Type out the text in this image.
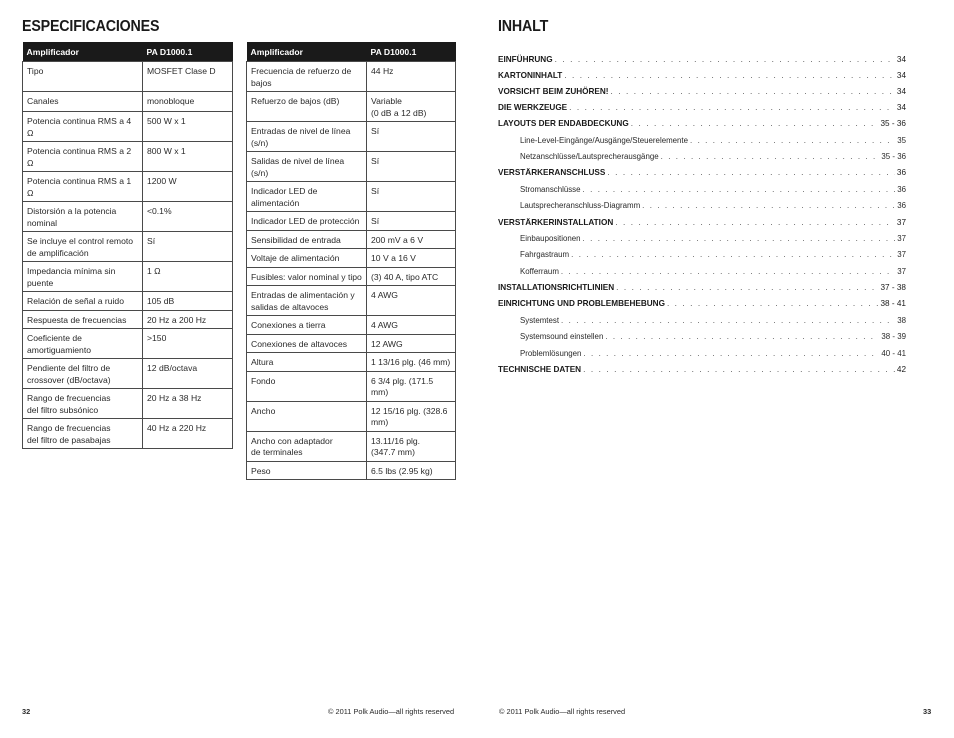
ESPECIFICACIONES
Amplificador	PA D1000.1
Tipo	MOSFET Clase D
Canales	monobloque
Potencia continua RMS a 4 Ω	500 W x 1
Potencia continua RMS a 2 Ω	800 W x 1
Potencia continua RMS a 1 Ω	1200 W
Distorsión a la potencia
nominal	<0.1%
Se incluye el control remoto
de amplificación	Sí
Impedancia mínima sin puente	1 Ω
Relación de señal a ruido	105 dB
Respuesta de frecuencias	20 Hz a 200 Hz
Coeficiente de
amortiguamiento	>150
Pendiente del filtro de
crossover (dB/octava)	12 dB/octava
Rango de frecuencias
del filtro subsónico	20 Hz a 38 Hz
Rango de frecuencias
del filtro de pasabajas	40 Hz a 220 Hz
Amplificador	PA D1000.1
Frecuencia de refuerzo de bajos	44 Hz
Refuerzo de bajos (dB)	Variable
(0 dB a 12 dB)
Entradas de nivel de línea (s/n)	Sí
Salidas de nivel de línea (s/n)	Sí
Indicador LED de alimentación	Sí
Indicador LED de protección	Sí
Sensibilidad de entrada	200 mV a 6 V
Voltaje de alimentación	10 V a 16 V
Fusibles: valor nominal y tipo	(3) 40 A, tipo ATC
Entradas de alimentación y
salidas de altavoces	4 AWG
Conexiones a tierra	4 AWG
Conexiones de altavoces	12 AWG
Altura	1 13/16 plg. (46 mm)
Fondo	6 3/4 plg. (171.5 mm)
Ancho	12 15/16 plg. (328.6
mm)
Ancho con adaptador
de terminales	13.11/16 plg.
(347.7 mm)
Peso	6.5 lbs (2.95 kg)
32	© 2011 Polk Audio—all rights reserved
INHALT
EINFÜHRUNG . . .	34
KARTONINHALT . . .	34
VORSICHT BEIM ZUHÖREN! . . .	34
DIE WERKZEUGE . . .	34
LAYOUTS DER ENDABDECKUNG . . .	35 - 36
Line-Level-Eingänge/Ausgänge/Steuerelemente . . .	35
Netzanschlüsse/Lautsprecherausgänge . . .	35 - 36
VERSTÄRKERANSCHLUSS . . .	36
Stromanschlüsse . . .	36
Lautsprecheranschluss-Diagramm . . .	36
VERSTÄRKERINSTALLATION . . .	37
Einbaupositionen . . .	37
Fahrgastraum . . .	37
Kofferraum . . .	37
INSTALLATIONSRICHTLINIEN . . .	37 - 38
EINRICHTUNG UND PROBLEMBEHEBUNG . . .	38 - 41
Systemtest . . .	38
Systemsound einstellen . . .	38 - 39
Problemlösungen . . .	40 - 41
TECHNISCHE DATEN . . .	42
© 2011 Polk Audio—all rights reserved	33
